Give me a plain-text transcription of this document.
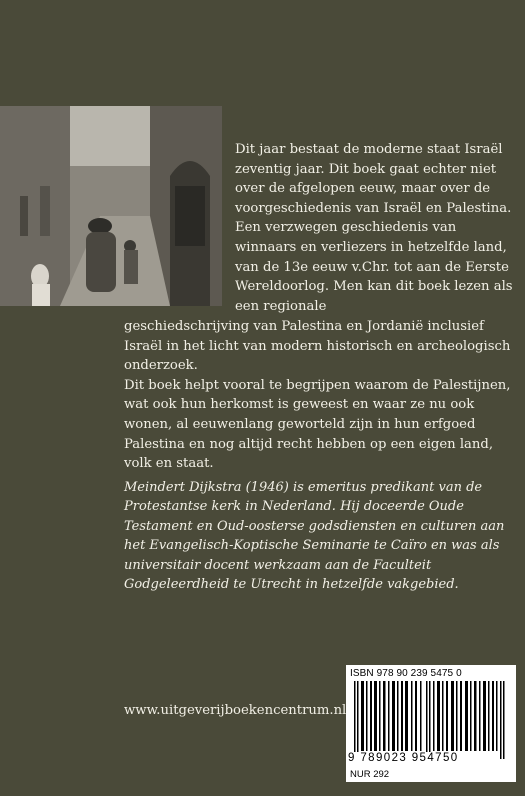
Dit jaar bestaat de moderne staat Israël zeventig jaar. Dit boek gaat echter niet over de afgelopen eeuw, maar over de voorgeschiedenis van Israël en Palestina. Een verzwegen geschiedenis van winnaars en verliezers in hetzelfde land, van de 13e eeuw v.Chr. tot aan de Eerste Wereldoorlog. Men kan dit boek lezen als een regionale

geschiedschrijving van Palestina en Jordanië inclusief Israël in het licht van modern historisch en archeologisch onderzoek.

Dit boek helpt vooral te begrijpen waarom de Palestijnen, wat ook hun herkomst is geweest en waar ze nu ook wonen, al eeuwenlang geworteld zijn in hun erfgoed Palestina en nog altijd recht hebben op een eigen land, volk en staat.

Meindert Dijkstra (1946) is emeritus predikant van de Protestantse kerk in Nederland. Hij doceerde Oude Testament en Oud-oosterse godsdiensten en culturen aan het Evangelisch-Koptische Seminarie te Caïro en was als universitair docent werkzaam aan de Faculteit Godgeleerdheid te Utrecht in hetzelfde vakgebied.

www.uitgeverijboekencentrum.nl
ISBN 978 90 239 5475 0
9 789023 954750
NUR 292
